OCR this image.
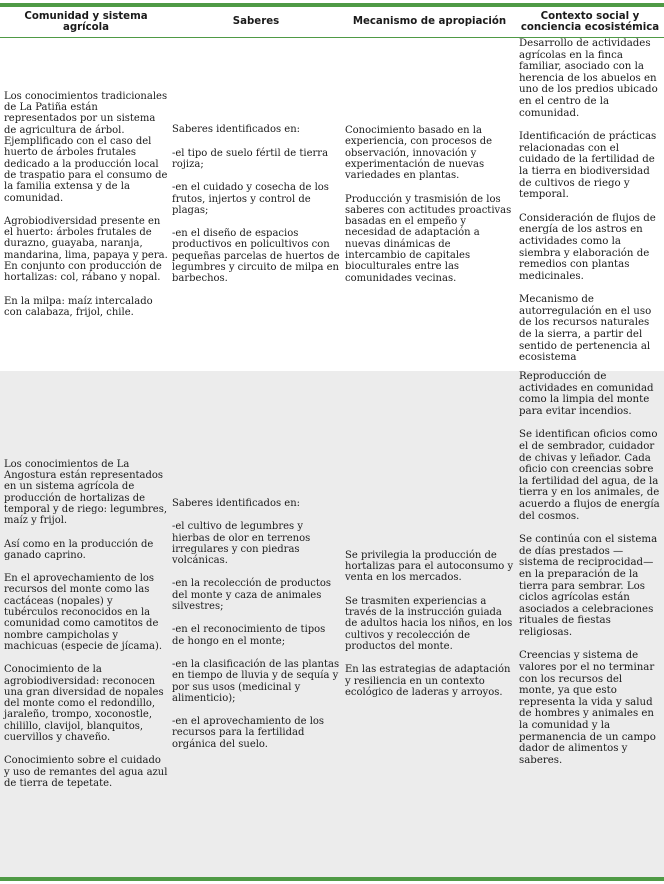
Comunidad y sistema agrícola
Saberes	Mecanismo de apropiación
Contexto social y conciencia ecosistémica

Los conocimientos tradicionales de La Patiña están representados por un sistema de agricultura de árbol. Ejemplificado con el caso del huerto de árboles frutales dedicado a la producción local de traspatio para el consumo de la familia extensa y de la comunidad.

Agrobiodiversidad presente en el huerto: árboles frutales de durazno, guayaba, naranja, mandarina, lima, papaya y pera. En conjunto con producción de hortalizas: col, rábano y nopal.

En la milpa: maíz intercalado con calabaza, frijol, chile.

Saberes identificados en:

-el tipo de suelo fértil de tierra rojiza;

-en el cuidado y cosecha de los frutos, injertos y control de plagas;

-en el diseño de espacios productivos en policultivos con pequeñas parcelas de huertos de legumbres y circuito de milpa en barbechos.

Conocimiento basado en la experiencia, con procesos de observación, innovación y experimentación de nuevas variedades en plantas.

Producción y trasmisión de los saberes con actitudes proactivas basadas en el empeño y necesidad de adaptación a nuevas dinámicas de intercambio de capitales bioculturales entre las comunidades vecinas.

Desarrollo de actividades agrícolas en la finca familiar, asociado con la herencia de los abuelos en uno de los predios ubicado en el centro de la comunidad.

Identificación de prácticas relacionadas con el cuidado de la fertilidad de la tierra en biodiversidad de cultivos de riego y temporal.

Consideración de flujos de energía de los astros en actividades como la siembra y elaboración de remedios con plantas medicinales.

Mecanismo de autorregulación en el uso de los recursos naturales de la sierra, a partir del sentido de pertenencia al ecosistema

Los conocimientos de La Angostura están representados en un sistema agrícola de producción de hortalizas de temporal y de riego: legumbres, maíz y frijol.

Así como en la producción de ganado caprino.

En el aprovechamiento de los recursos del monte como las cactáceas (nopales) y tubérculos reconocidos en la comunidad como camotitos de nombre campicholas y machicuas (especie de jícama).

Conocimiento de la agrobiodiversidad: reconocen una gran diversidad de nopales del monte como el redondillo, jaraleño, trompo, xoconostle, chilillo, clavijol, blanquitos, cuervillos y chaveño.

Conocimiento sobre el cuidado y uso de remantes del agua azul de tierra de tepetate.

Saberes identificados en:

-el cultivo de legumbres y hierbas de olor en terrenos irregulares y con piedras volcánicas.

-en la recolección de productos del monte y caza de animales silvestres;

-en el reconocimiento de tipos de hongo en el monte;

-en la clasificación de las plantas en tiempo de lluvia y de sequía y por sus usos (medicinal y alimenticio);

-en el aprovechamiento de los recursos para la fertilidad orgánica del suelo.

Se privilegia la producción de hortalizas para el autoconsumo y venta en los mercados.

Se trasmiten experiencias a través de la instrucción guiada de adultos hacia los niños, en los cultivos y recolección de productos del monte.

En las estrategias de adaptación y resiliencia en un contexto ecológico de laderas y arroyos.

Reproducción de actividades en comunidad como la limpia del monte para evitar incendios.

Se identifican oficios como el de sembrador, cuidador de chivas y leñador. Cada oficio con creencias sobre la fertilidad del agua, de la tierra y en los animales, de acuerdo a flujos de energía del cosmos.

Se continúa con el sistema de días prestados —sistema de reciprocidad— en la preparación de la tierra para sembrar. Los ciclos agrícolas están asociados a celebraciones rituales de fiestas religiosas.

Creencias y sistema de valores por el no terminar con los recursos del monte, ya que esto representa la vida y salud de hombres y animales en la comunidad y la permanencia de un campo dador de alimentos y saberes.
